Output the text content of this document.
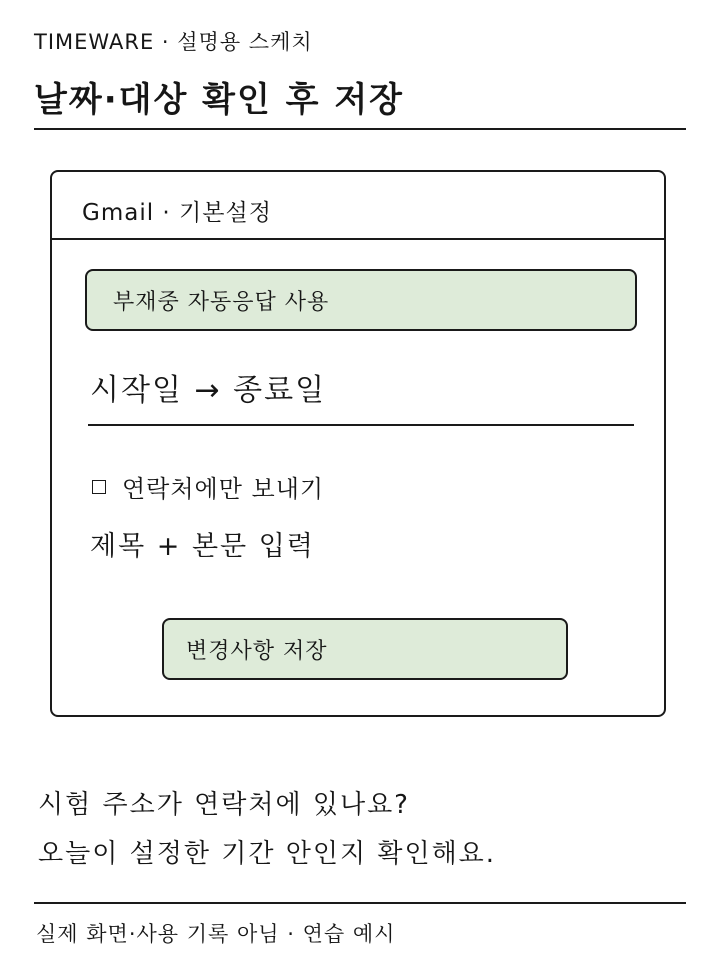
TIMEWARE · 설명용 스케치
날짜·대상 확인 후 저장
Gmail · 기본설정
부재중 자동응답 사용
시작일 → 종료일
연락처에만 보내기
제목 + 본문 입력
변경사항 저장
시험 주소가 연락처에 있나요?
오늘이 설정한 기간 안인지 확인해요.
실제 화면·사용 기록 아님 · 연습 예시
